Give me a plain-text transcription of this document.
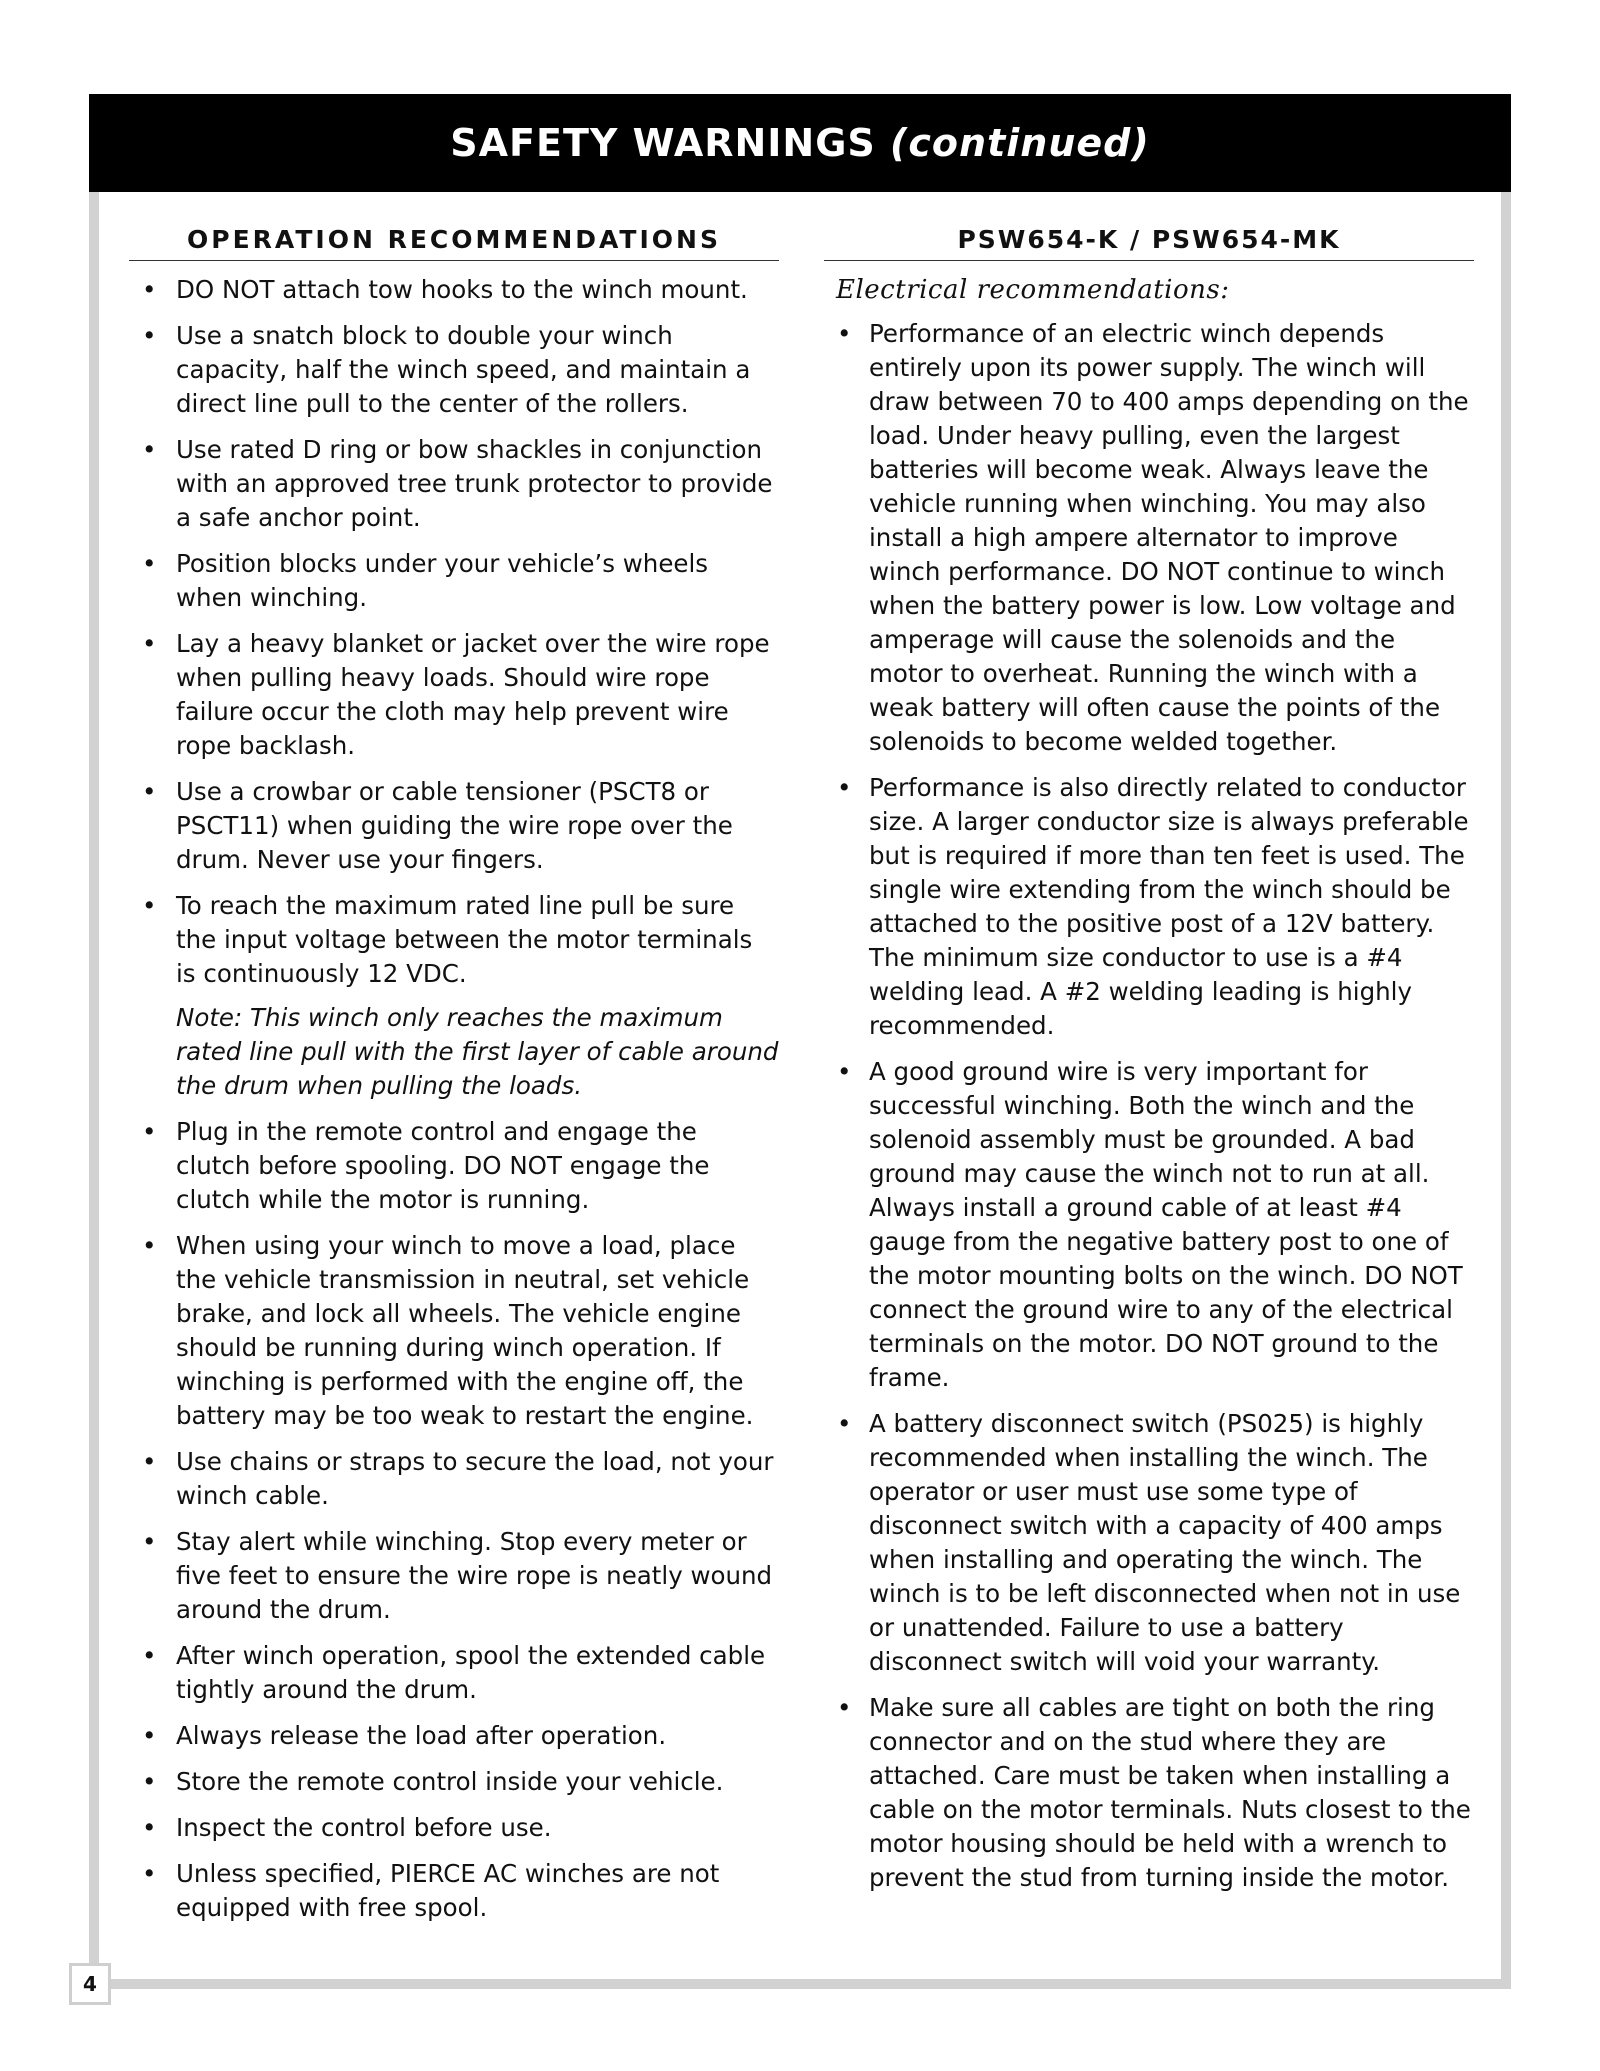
SAFETY WARNINGS (continued)
OPERATION RECOMMENDATIONS
• DO NOT attach tow hooks to the winch mount.
• Use a snatch block to double your winch capacity, half the winch speed, and maintain a direct line pull to the center of the rollers.
• Use rated D ring or bow shackles in conjunction with an approved tree trunk protector to provide a safe anchor point.
• Position blocks under your vehicle’s wheels when winching.
• Lay a heavy blanket or jacket over the wire rope when pulling heavy loads. Should wire rope failure occur the cloth may help prevent wire rope backlash.
• Use a crowbar or cable tensioner (PSCT8 or PSCT11) when guiding the wire rope over the drum. Never use your fingers.
• To reach the maximum rated line pull be sure the input voltage between the motor terminals is continuously 12 VDC.
Note: This winch only reaches the maximum rated line pull with the first layer of cable around the drum when pulling the loads.
• Plug in the remote control and engage the clutch before spooling. DO NOT engage the clutch while the motor is running.
• When using your winch to move a load, place the vehicle transmission in neutral, set vehicle brake, and lock all wheels. The vehicle engine should be running during winch operation. If winching is performed with the engine off, the battery may be too weak to restart the engine.
• Use chains or straps to secure the load, not your winch cable.
• Stay alert while winching. Stop every meter or five feet to ensure the wire rope is neatly wound around the drum.
• After winch operation, spool the extended cable tightly around the drum.
• Always release the load after operation.
• Store the remote control inside your vehicle.
• Inspect the control before use.
• Unless specified, PIERCE AC winches are not equipped with free spool.
PSW654-K / PSW654-MK
Electrical recommendations:
• Performance of an electric winch depends entirely upon its power supply. The winch will draw between 70 to 400 amps depending on the load. Under heavy pulling, even the largest batteries will become weak. Always leave the vehicle running when winching. You may also install a high ampere alternator to improve winch performance. DO NOT continue to winch when the battery power is low. Low voltage and amperage will cause the solenoids and the motor to overheat. Running the winch with a weak battery will often cause the points of the solenoids to become welded together.
• Performance is also directly related to conductor size. A larger conductor size is always preferable but is required if more than ten feet is used. The single wire extending from the winch should be attached to the positive post of a 12V battery. The minimum size conductor to use is a #4 welding lead. A #2 welding leading is highly recommended.
• A good ground wire is very important for successful winching. Both the winch and the solenoid assembly must be grounded. A bad ground may cause the winch not to run at all. Always install a ground cable of at least #4 gauge from the negative battery post to one of the motor mounting bolts on the winch. DO NOT connect the ground wire to any of the electrical terminals on the motor. DO NOT ground to the frame.
• A battery disconnect switch (PS025) is highly recommended when installing the winch. The operator or user must use some type of disconnect switch with a capacity of 400 amps when installing and operating the winch. The winch is to be left disconnected when not in use or unattended. Failure to use a battery disconnect switch will void your warranty.
• Make sure all cables are tight on both the ring connector and on the stud where they are attached. Care must be taken when installing a cable on the motor terminals. Nuts closest to the motor housing should be held with a wrench to prevent the stud from turning inside the motor.
4
